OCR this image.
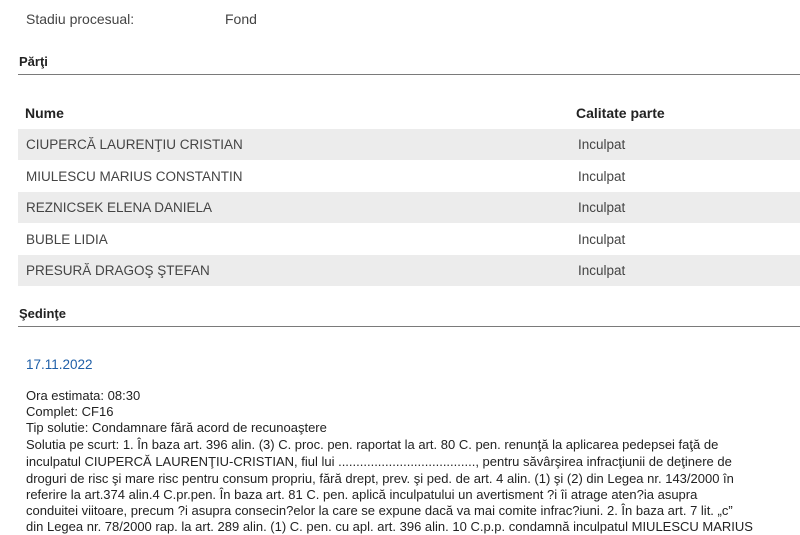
Stadiu procesual:	Fond
Părţi
Nume	Calitate parte
CIUPERCĂ LAURENŢIU CRISTIAN	Inculpat
MIULESCU MARIUS CONSTANTIN	Inculpat
REZNICSEK ELENA DANIELA	Inculpat
BUBLE LIDIA	Inculpat
PRESURĂ DRAGOŞ ŞTEFAN	Inculpat
Şedinţe
17.11.2022
Ora estimata: 08:30
Complet: CF16
Tip solutie: Condamnare fără acord de recunoaştere
Solutia pe scurt: 1. În baza art. 396 alin. (3) C. proc. pen. raportat la art. 80 C. pen. renunţă la aplicarea pedepsei faţă de
inculpatul CIUPERCĂ LAURENŢIU-CRISTIAN, fiul lui ......................................, pentru săvârşirea infracţiunii de deţinere de
droguri de risc şi mare risc pentru consum propriu, fără drept, prev. şi ped. de art. 4 alin. (1) şi (2) din Legea nr. 143/2000 în
referire la art.374 alin.4 C.pr.pen. În baza art. 81 C. pen. aplică inculpatului un avertisment ?i îi atrage aten?ia asupra
conduitei viitoare, precum ?i asupra consecin?elor la care se expune dacă va mai comite infrac?iuni. 2. În baza art. 7 lit. „c”
din Legea nr. 78/2000 rap. la art. 289 alin. (1) C. pen. cu apl. art. 396 alin. 10 C.p.p. condamnă inculpatul MIULESCU MARIUS
